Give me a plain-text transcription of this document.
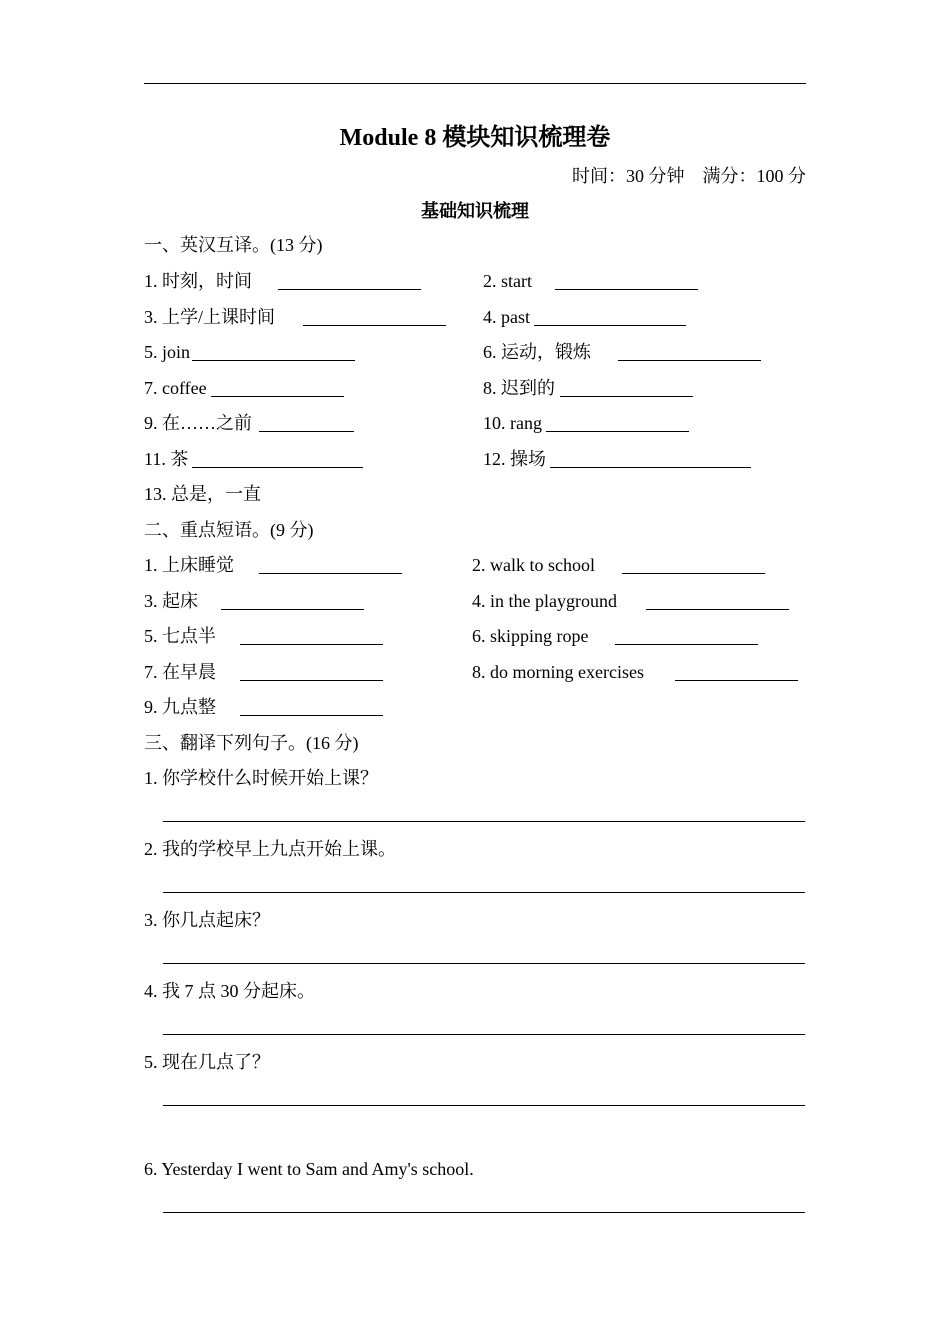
Module 8 模块知识梳理卷
时间：30 分钟　满分：100 分
基础知识梳理
一、英汉互译。(13 分)
1. 时刻，时间	2. start
3. 上学/上课时间	4. past
5. join	6. 运动，锻炼
7. coffee	8. 迟到的
9. 在……之前	10. rang
11. 茶	12. 操场
13. 总是，一直
二、重点短语。(9 分)
1. 上床睡觉	2. walk to school
3. 起床	4. in the playground
5. 七点半	6. skipping rope
7. 在早晨	8. do morning exercises
9. 九点整
三、翻译下列句子。(16 分)
1. 你学校什么时候开始上课？
2. 我的学校早上九点开始上课。
3. 你几点起床？
4. 我 7 点 30 分起床。
5. 现在几点了？
6. Yesterday I went to Sam and Amy's school.
